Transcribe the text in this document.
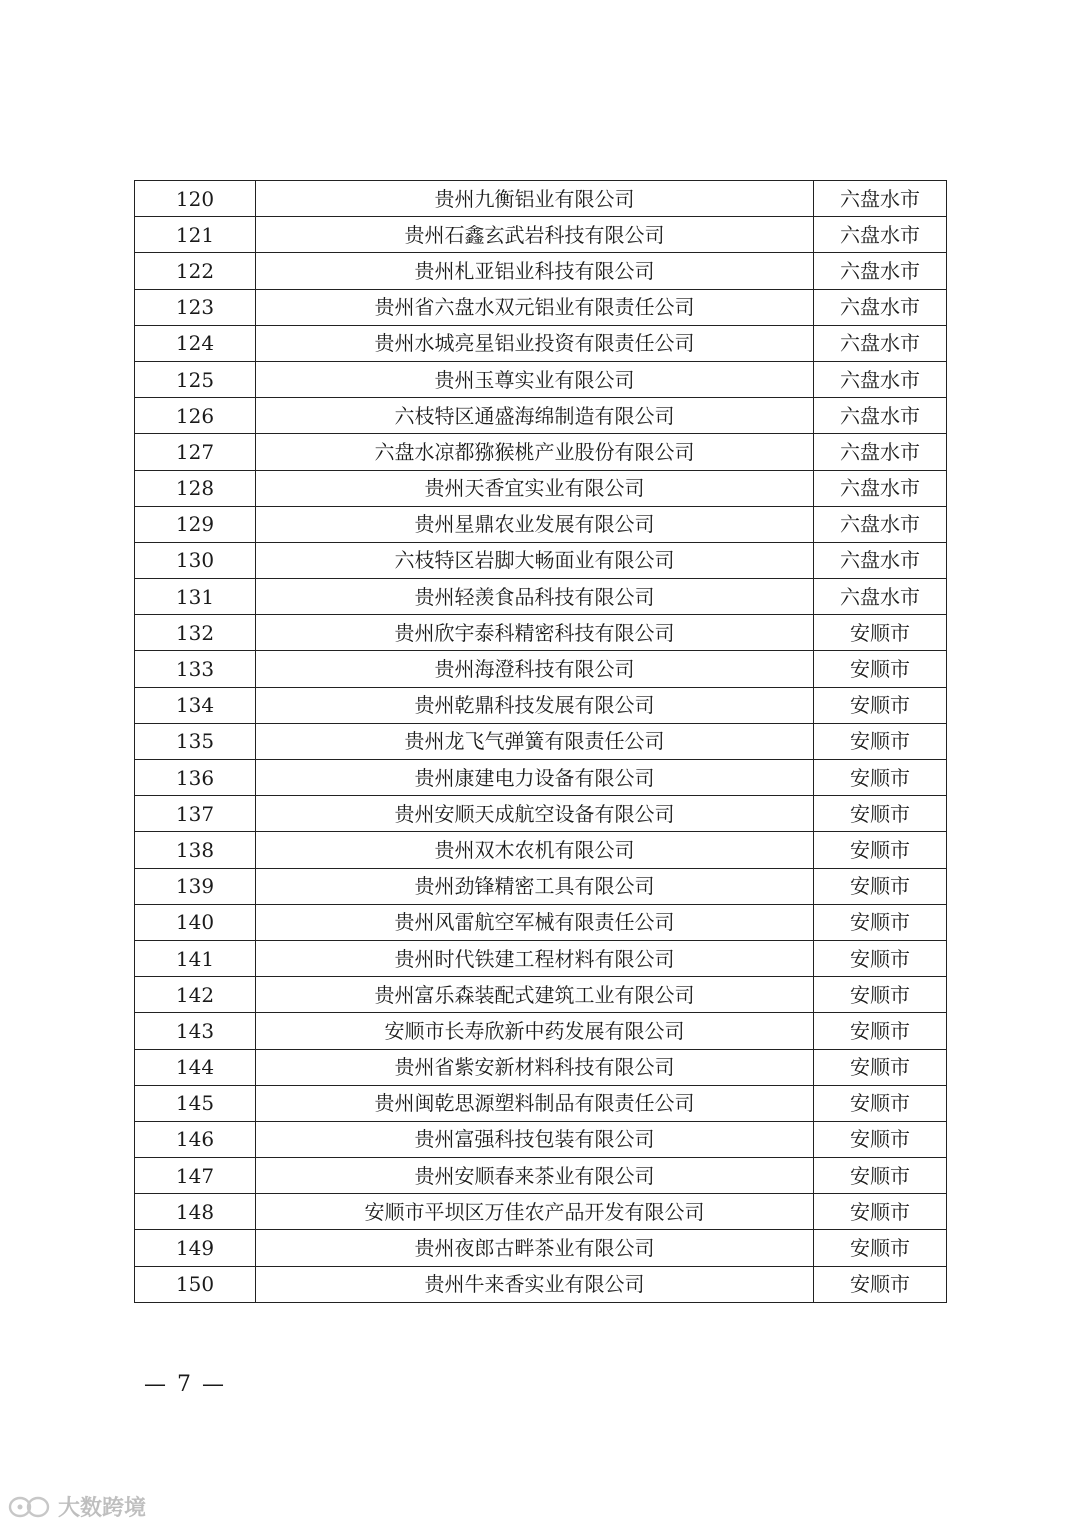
120	贵州九衡铝业有限公司	六盘水市
121	贵州石鑫玄武岩科技有限公司	六盘水市
122	贵州札亚铝业科技有限公司	六盘水市
123	贵州省六盘水双元铝业有限责任公司	六盘水市
124	贵州水城亮星铝业投资有限责任公司	六盘水市
125	贵州玉尊实业有限公司	六盘水市
126	六枝特区通盛海绵制造有限公司	六盘水市
127	六盘水凉都猕猴桃产业股份有限公司	六盘水市
128	贵州天香宜实业有限公司	六盘水市
129	贵州星鼎农业发展有限公司	六盘水市
130	六枝特区岩脚大畅面业有限公司	六盘水市
131	贵州轻羡食品科技有限公司	六盘水市
132	贵州欣宇泰科精密科技有限公司	安顺市
133	贵州海澄科技有限公司	安顺市
134	贵州乾鼎科技发展有限公司	安顺市
135	贵州龙飞气弹簧有限责任公司	安顺市
136	贵州康建电力设备有限公司	安顺市
137	贵州安顺天成航空设备有限公司	安顺市
138	贵州双木农机有限公司	安顺市
139	贵州劲锋精密工具有限公司	安顺市
140	贵州风雷航空军械有限责任公司	安顺市
141	贵州时代铁建工程材料有限公司	安顺市
142	贵州富乐森装配式建筑工业有限公司	安顺市
143	安顺市长寿欣新中药发展有限公司	安顺市
144	贵州省紫安新材料科技有限公司	安顺市
145	贵州闽乾思源塑料制品有限责任公司	安顺市
146	贵州富强科技包装有限公司	安顺市
147	贵州安顺春来茶业有限公司	安顺市
148	安顺市平坝区万佳农产品开发有限公司	安顺市
149	贵州夜郎古畔茶业有限公司	安顺市
150	贵州牛来香实业有限公司	安顺市
— 7 —
大数跨境
